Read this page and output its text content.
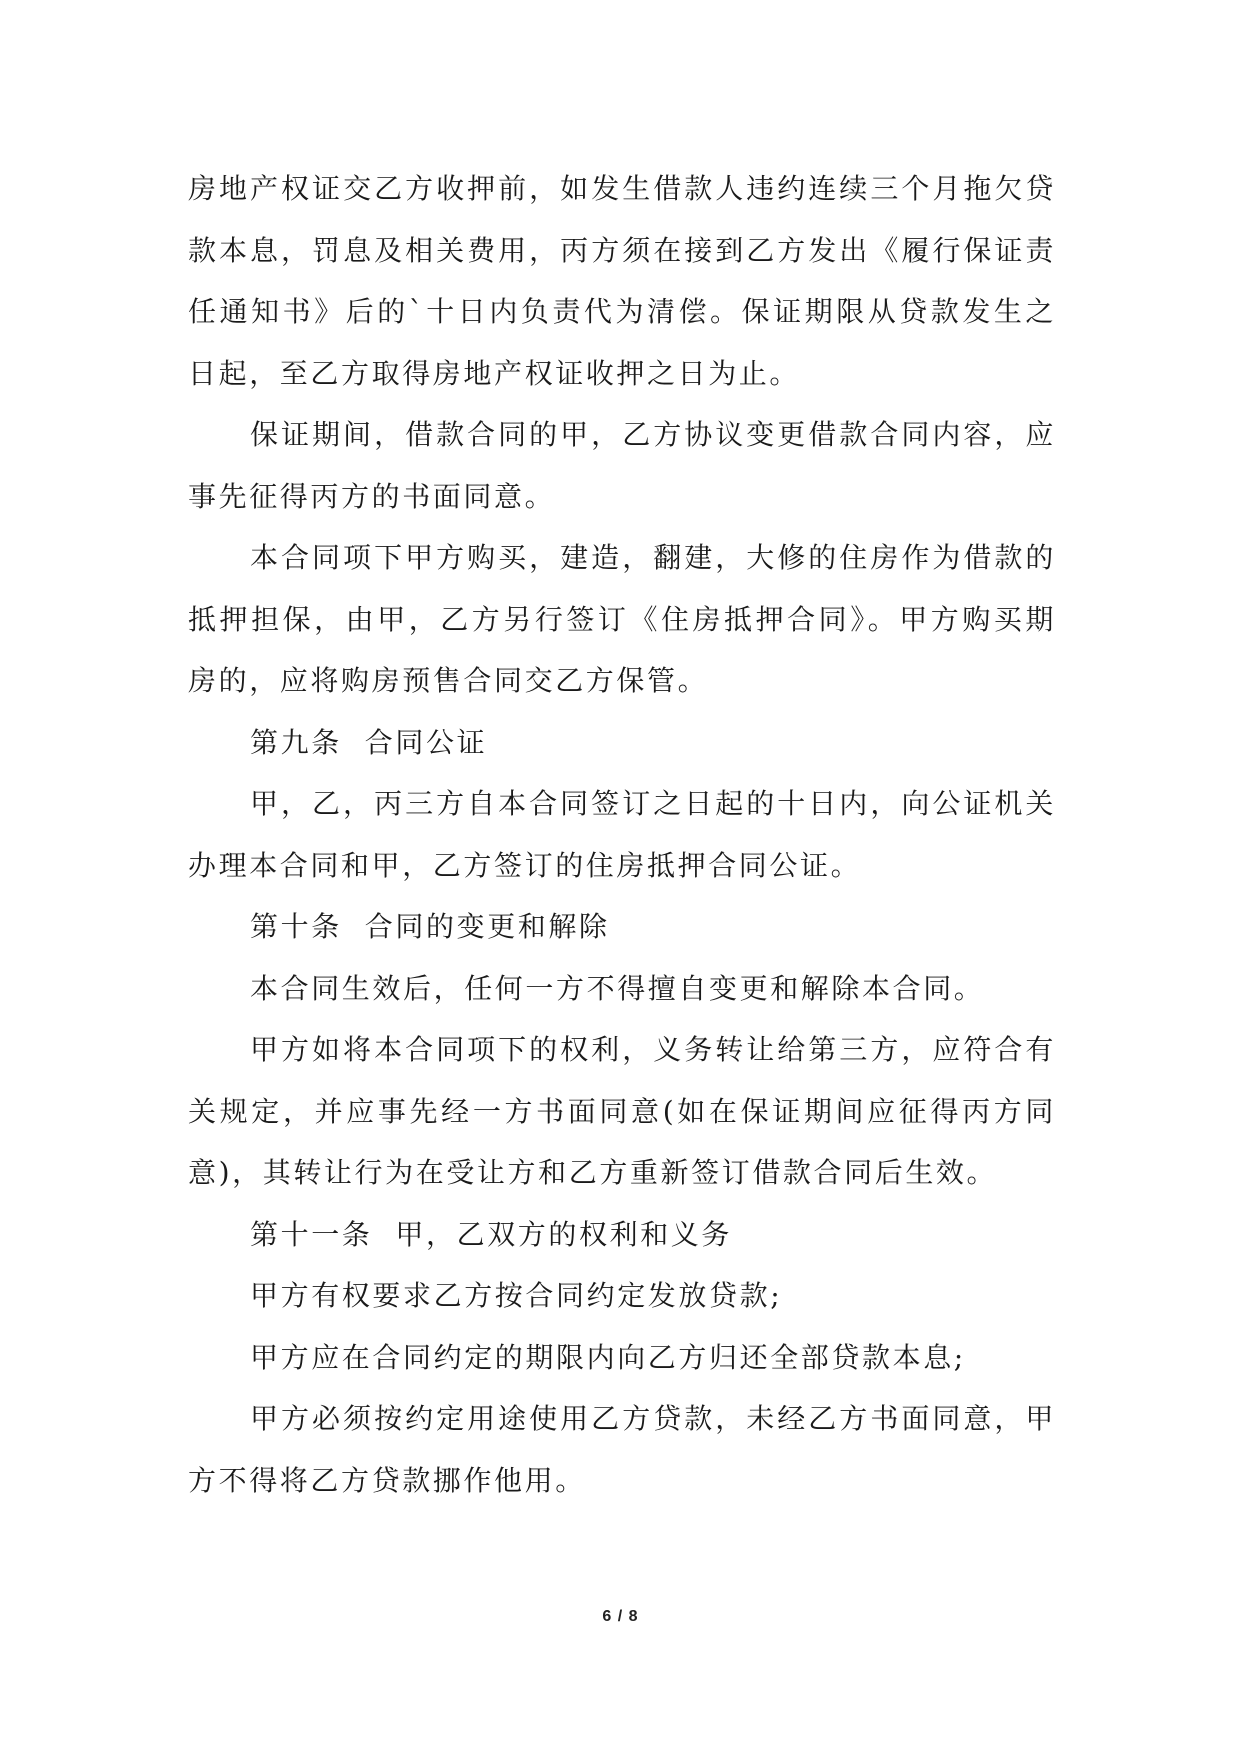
房地产权证交乙方收押前，如发生借款人违约连续三个月拖欠贷款本息，罚息及相关费用，丙方须在接到乙方发出《履行保证责任通知书》后的`十日内负责代为清偿。保证期限从贷款发生之日起，至乙方取得房地产权证收押之日为止。

保证期间，借款合同的甲，乙方协议变更借款合同内容，应事先征得丙方的书面同意。

本合同项下甲方购买，建造，翻建，大修的住房作为借款的抵押担保，由甲，乙方另行签订《住房抵押合同》。甲方购买期房的，应将购房预售合同交乙方保管。

第九条  合同公证

甲，乙，丙三方自本合同签订之日起的十日内，向公证机关办理本合同和甲，乙方签订的住房抵押合同公证。

第十条  合同的变更和解除

本合同生效后，任何一方不得擅自变更和解除本合同。

甲方如将本合同项下的权利，义务转让给第三方，应符合有关规定，并应事先经一方书面同意(如在保证期间应征得丙方同意)，其转让行为在受让方和乙方重新签订借款合同后生效。

第十一条  甲，乙双方的权利和义务

甲方有权要求乙方按合同约定发放贷款;

甲方应在合同约定的期限内向乙方归还全部贷款本息;

甲方必须按约定用途使用乙方贷款，未经乙方书面同意，甲方不得将乙方贷款挪作他用。

6 / 8
